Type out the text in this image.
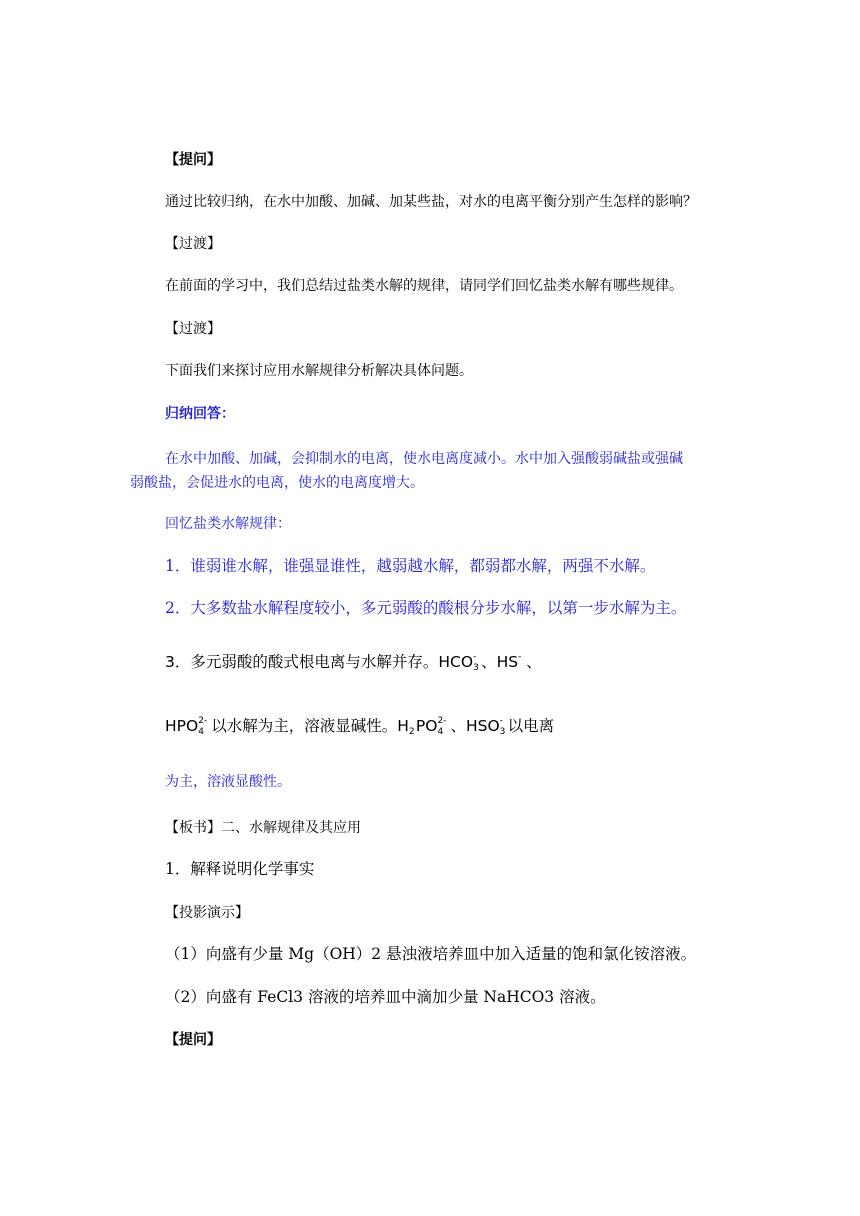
【提问】
通过比较归纳，在水中加酸、加碱、加某些盐，对水的电离平衡分别产生怎样的影响？
【过渡】
在前面的学习中，我们总结过盐类水解的规律，请同学们回忆盐类水解有哪些规律。
【过渡】
下面我们来探讨应用水解规律分析解决具体问题。
归纳回答：
在水中加酸、加碱，会抑制水的电离，使水电离度减小。水中加入强酸弱碱盐或强碱
弱酸盐，会促进水的电离，使水的电离度增大。
回忆盐类水解规律：
1．谁弱谁水解，谁强显谁性，越弱越水解，都弱都水解，两强不水解。
2．大多数盐水解程度较小，多元弱酸的酸根分步水解，以第一步水解为主。
3．多元弱酸的酸式根电离与水解并存。HCO -
3 、HS - 、
HPO 2-
4 以水解为主，溶液显碱性。H 2 PO 2-
4 、HSO -
3 以电离
为主，溶液显酸性。
【板书】二、水解规律及其应用
1．解释说明化学事实
【投影演示】
（1）向盛有少量 Mg（OH）2 悬浊液培养皿中加入适量的饱和氯化铵溶液。
（2）向盛有 FeCl3 溶液的培养皿中滴加少量 NaHCO3 溶液。
【提问】
